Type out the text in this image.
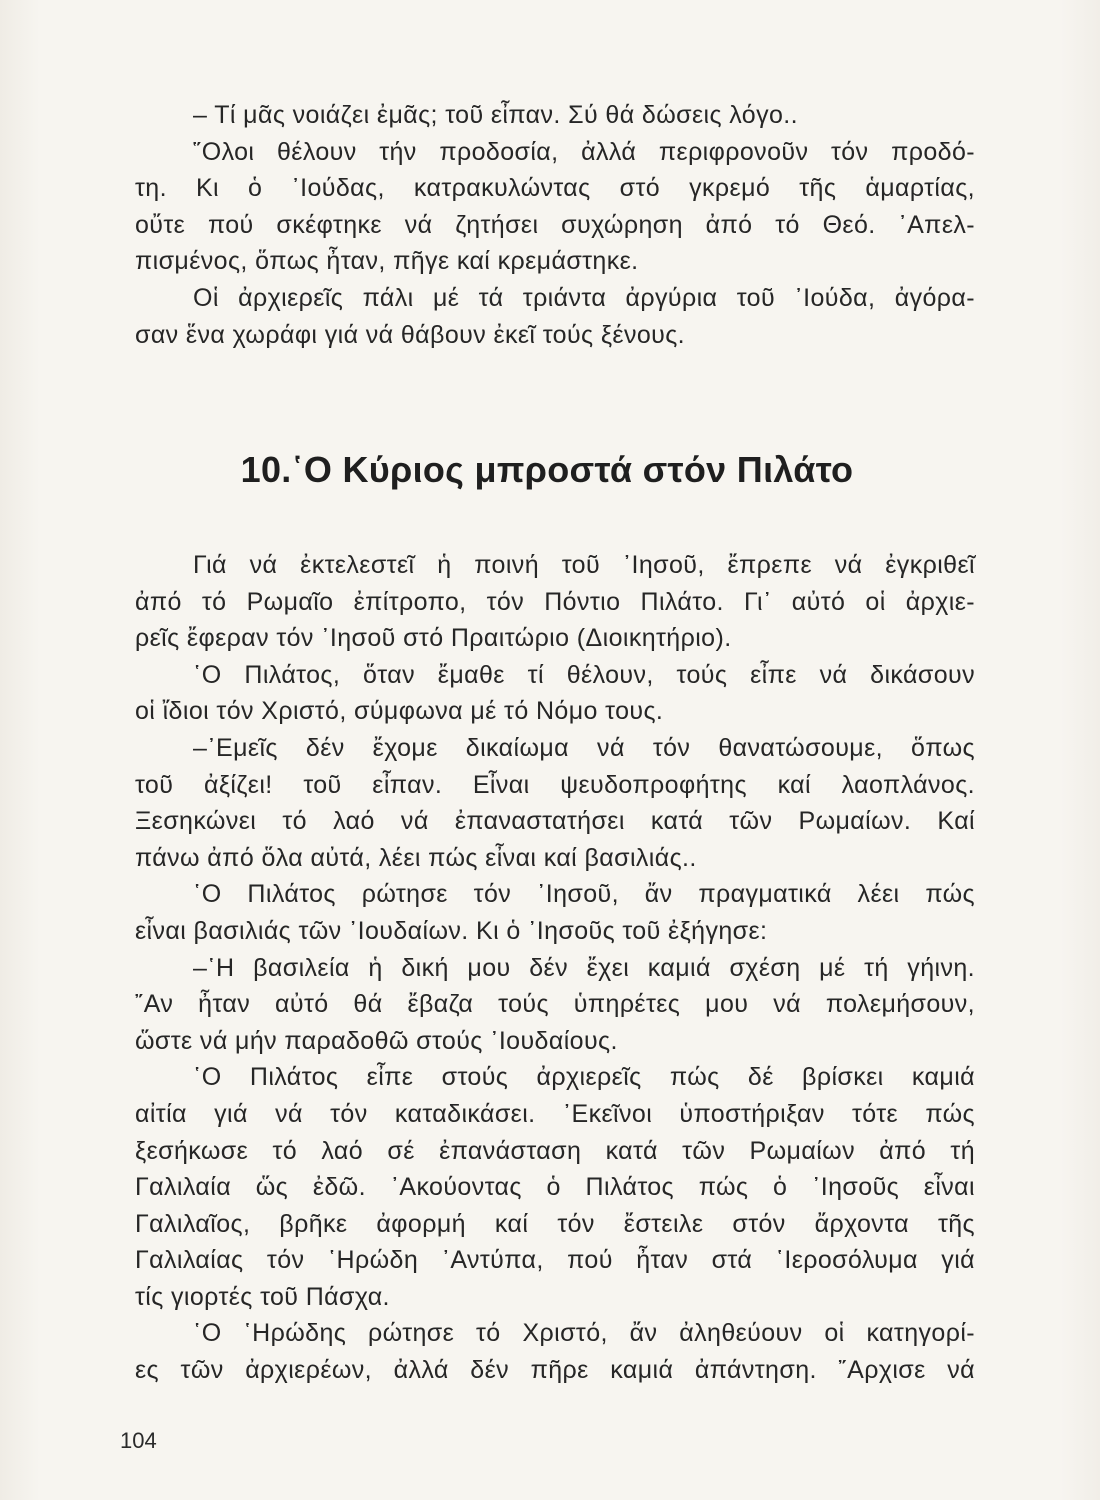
– Τί μᾶς νοιάζει ἐμᾶς; τοῦ εἶπαν. Σύ θά δώσεις λόγο..
῞Ολοι θέλουν τήν προδοσία, ἀλλά περιφρονοῦν τόν προδό-
τη. Κι ὁ ᾿Ιούδας, κατρακυλώντας στό γκρεμό τῆς ἁμαρτίας,
οὔτε πού σκέφτηκε νά ζητήσει συχώρηση ἀπό τό Θεό. ᾿Απελ-
πισμένος, ὅπως ἦταν, πῆγε καί κρεμάστηκε.
Οἱ ἀρχιερεῖς πάλι μέ τά τριάντα ἀργύρια τοῦ ᾿Ιούδα, ἀγόρα-
σαν ἕνα χωράφι γιά νά θάβουν ἐκεῖ τούς ξένους.
10.῾Ο Κύριος μπροστά στόν Πιλάτο
Γιά νά ἐκτελεστεῖ ἡ ποινή τοῦ ᾿Ιησοῦ, ἔπρεπε νά ἐγκριθεῖ
ἀπό τό Ρωμαῖο ἐπίτροπο, τόν Πόντιο Πιλάτο. Γι᾿ αὐτό οἱ ἀρχιε-
ρεῖς ἔφεραν τόν ᾿Ιησοῦ στό Πραιτώριο (Διοικητήριο).
῾Ο Πιλάτος, ὅταν ἔμαθε τί θέλουν, τούς εἶπε νά δικάσουν
οἱ ἴδιοι τόν Χριστό, σύμφωνα μέ τό Νόμο τους.
–᾿Εμεῖς δέν ἔχομε δικαίωμα νά τόν θανατώσουμε, ὅπως
τοῦ ἀξίζει! τοῦ εἶπαν. Εἶναι ψευδοπροφήτης καί λαοπλάνος.
Ξεσηκώνει τό λαό νά ἐπαναστατήσει κατά τῶν Ρωμαίων. Καί
πάνω ἀπό ὅλα αὐτά, λέει πώς εἶναι καί βασιλιάς..
῾Ο Πιλάτος ρώτησε τόν ᾿Ιησοῦ, ἄν πραγματικά λέει πώς
εἶναι βασιλιάς τῶν ᾿Ιουδαίων. Κι ὁ ᾿Ιησοῦς τοῦ ἐξήγησε:
–῾Η βασιλεία ἡ δική μου δέν ἔχει καμιά σχέση μέ τή γήινη.
῎Αν ἦταν αὐτό θά ἔβαζα τούς ὑπηρέτες μου νά πολεμήσουν,
ὥστε νά μήν παραδοθῶ στούς ᾿Ιουδαίους.
῾Ο Πιλάτος εἶπε στούς ἀρχιερεῖς πώς δέ βρίσκει καμιά
αἰτία γιά νά τόν καταδικάσει. ᾿Εκεῖνοι ὑποστήριξαν τότε πώς
ξεσήκωσε τό λαό σέ ἐπανάσταση κατά τῶν Ρωμαίων ἀπό τή
Γαλιλαία ὥς ἐδῶ. ᾿Ακούοντας ὁ Πιλάτος πώς ὁ ᾿Ιησοῦς εἶναι
Γαλιλαῖος, βρῆκε ἀφορμή καί τόν ἔστειλε στόν ἄρχοντα τῆς
Γαλιλαίας τόν ῾Ηρώδη ᾿Αντύπα, πού ἦταν στά ῾Ιεροσόλυμα γιά
τίς γιορτές τοῦ Πάσχα.
῾Ο ῾Ηρώδης ρώτησε τό Χριστό, ἄν ἀληθεύουν οἱ κατηγορί-
ες τῶν ἀρχιερέων, ἀλλά δέν πῆρε καμιά ἀπάντηση. ῎Αρχισε νά
104
